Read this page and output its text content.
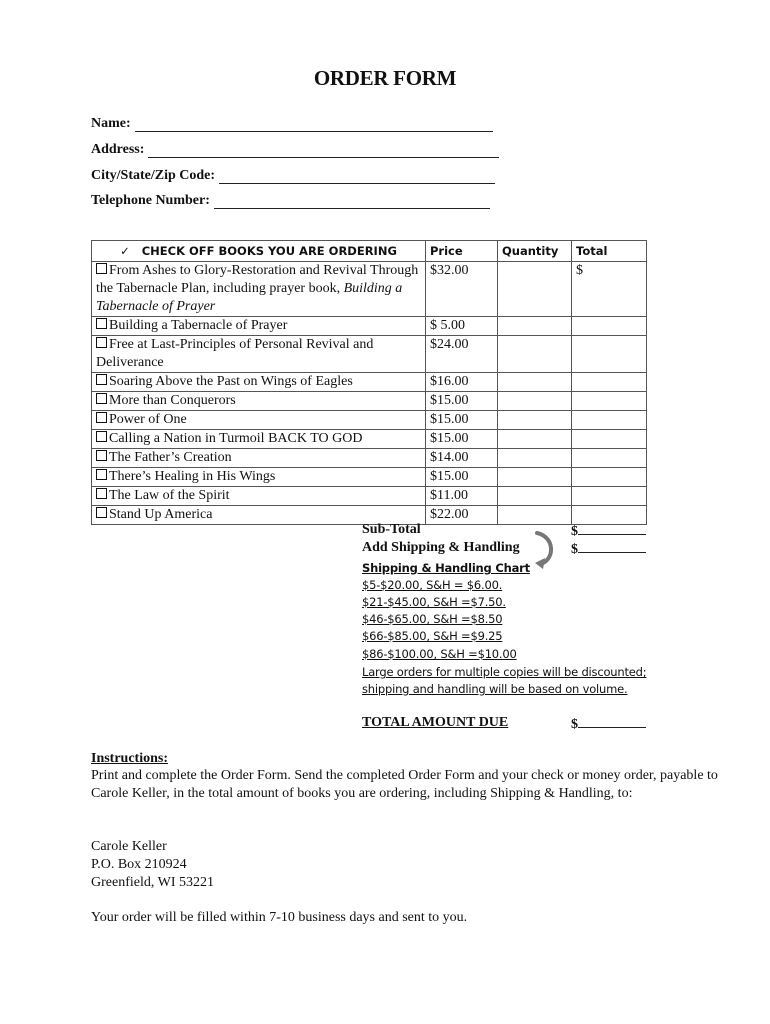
ORDER FORM
Name:
Address:
City/State/Zip Code:
Telephone Number:
✓ CHECK OFF BOOKS YOU ARE ORDERING	Price	Quantity	Total
From Ashes to Glory-Restoration and Revival Through the Tabernacle Plan, including prayer book, Building a Tabernacle of Prayer	$32.00		$
Building a Tabernacle of Prayer	$ 5.00		
Free at Last-Principles of Personal Revival and Deliverance	$24.00		
Soaring Above the Past on Wings of Eagles	$16.00		
More than Conquerors	$15.00		
Power of One	$15.00		
Calling a Nation in Turmoil BACK TO GOD	$15.00		
The Father’s Creation	$14.00		
There’s Healing in His Wings	$15.00		
The Law of the Spirit	$11.00		
Stand Up America	$22.00		
Sub-Total	$
Add Shipping & Handling	$
Shipping & Handling Chart
$5-$20.00, S&H = $6.00.
$21-$45.00, S&H =$7.50.
$46-$65.00, S&H =$8.50
$66-$85.00, S&H =$9.25
$86-$100.00, S&H =$10.00
Large orders for multiple copies will be discounted;
shipping and handling will be based on volume.
TOTAL AMOUNT DUE	$
Instructions:
Print and complete the Order Form. Send the completed Order Form and your check or money order, payable to Carole Keller, in the total amount of books you are ordering, including Shipping & Handling, to:
Carole Keller
P.O. Box 210924
Greenfield, WI 53221
Your order will be filled within 7-10 business days and sent to you.
